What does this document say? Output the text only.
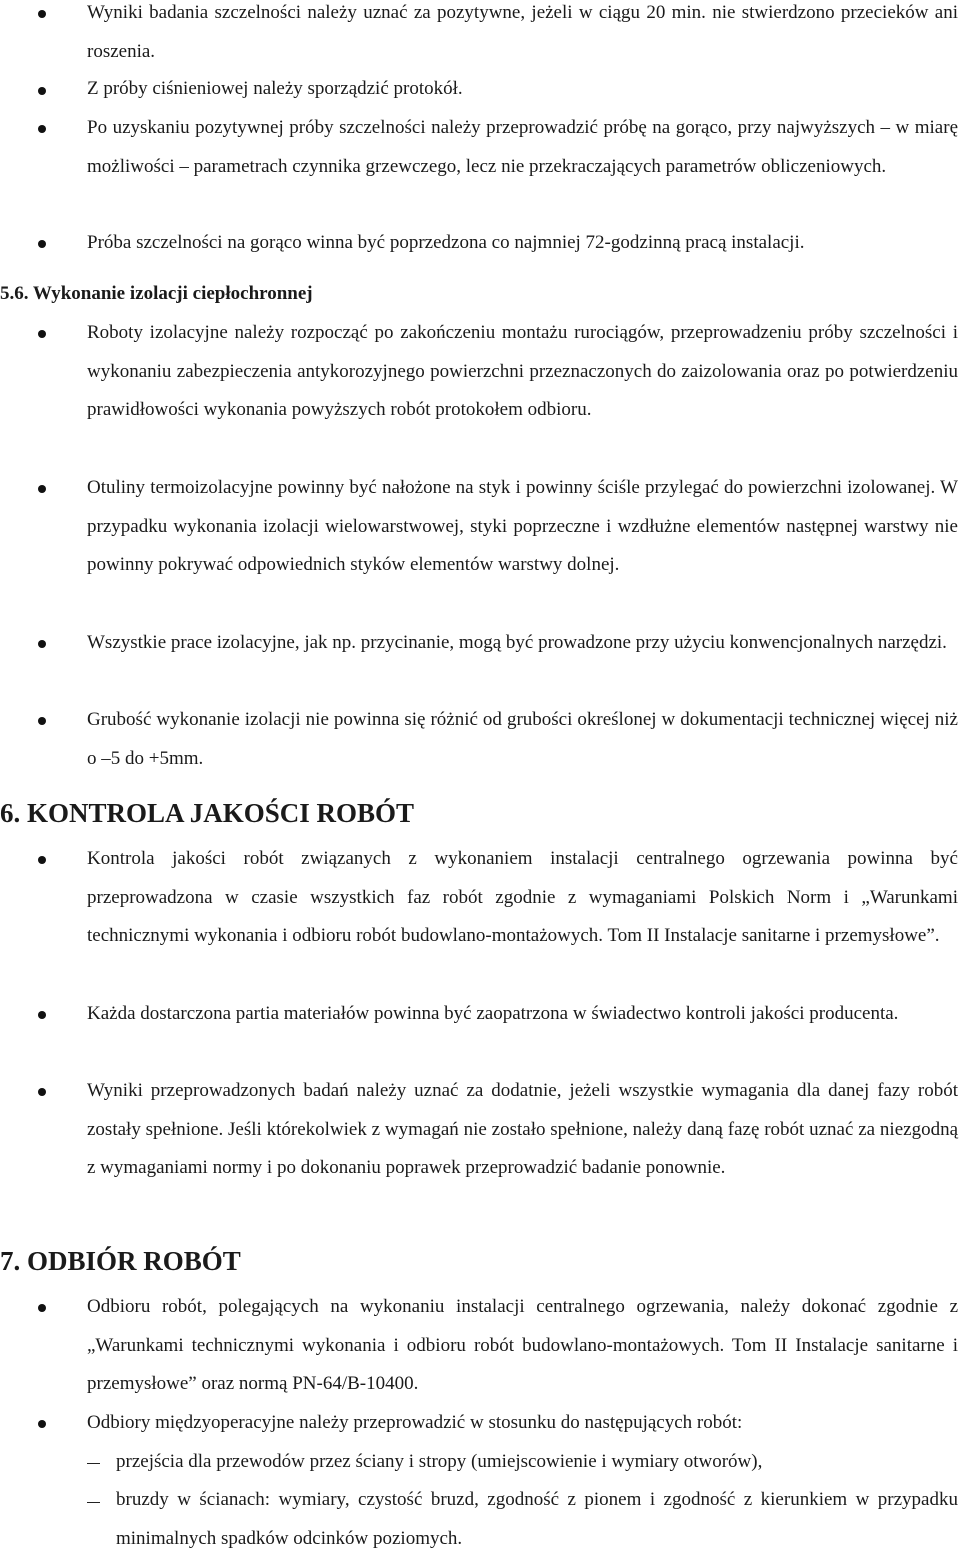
Wyniki badania szczelności należy uznać za pozytywne, jeżeli w ciągu 20 min. nie stwierdzono przecieków ani roszenia.

Z próby ciśnieniowej należy sporządzić protokół.

Po uzyskaniu pozytywnej próby szczelności należy przeprowadzić próbę na gorąco, przy najwyższych – w miarę możliwości – parametrach czynnika grzewczego, lecz nie przekraczających parametrów obliczeniowych.

Próba szczelności na gorąco winna być poprzedzona co najmniej 72-godzinną pracą instalacji.

5.6. Wykonanie izolacji ciepłochronnej

Roboty izolacyjne należy rozpocząć po zakończeniu montażu rurociągów, przeprowadzeniu próby szczelności i wykonaniu zabezpieczenia antykorozyjnego powierzchni przeznaczonych do zaizolowania oraz po potwierdzeniu prawidłowości wykonania powyższych robót protokołem odbioru.

Otuliny termoizolacyjne powinny być nałożone na styk i powinny ściśle przylegać do powierzchni izolowanej. W przypadku wykonania izolacji wielowarstwowej, styki poprzeczne i wzdłużne elementów następnej warstwy nie powinny pokrywać odpowiednich styków elementów warstwy dolnej.

Wszystkie prace izolacyjne, jak np. przycinanie, mogą być prowadzone przy użyciu konwencjonalnych narzędzi.

Grubość wykonanie izolacji nie powinna się różnić od grubości określonej w dokumentacji technicznej więcej niż o –5 do +5mm.

6. KONTROLA JAKOŚCI ROBÓT

Kontrola jakości robót związanych z wykonaniem instalacji centralnego ogrzewania powinna być przeprowadzona w czasie wszystkich faz robót zgodnie z wymaganiami Polskich Norm i „Warunkami technicznymi wykonania i odbioru robót budowlano-montażowych. Tom II Instalacje sanitarne i przemysłowe”.

Każda dostarczona partia materiałów powinna być zaopatrzona w świadectwo kontroli jakości producenta.

Wyniki przeprowadzonych badań należy uznać za dodatnie, jeżeli wszystkie wymagania dla danej fazy robót zostały spełnione. Jeśli którekolwiek z wymagań nie zostało spełnione, należy daną fazę robót uznać za niezgodną z wymaganiami normy i po dokonaniu poprawek przeprowadzić badanie ponownie.

7. ODBIÓR ROBÓT

Odbioru robót, polegających na wykonaniu instalacji centralnego ogrzewania, należy dokonać zgodnie z „Warunkami technicznymi wykonania i odbioru robót budowlano-montażowych. Tom II Instalacje sanitarne i przemysłowe” oraz normą PN-64/B-10400.

Odbiory międzyoperacyjne należy przeprowadzić w stosunku do następujących robót:

przejścia dla przewodów przez ściany i stropy (umiejscowienie i wymiary otworów),

bruzdy w ścianach: wymiary, czystość bruzd, zgodność z pionem i zgodność z kierunkiem w przypadku minimalnych spadków odcinków poziomych.
